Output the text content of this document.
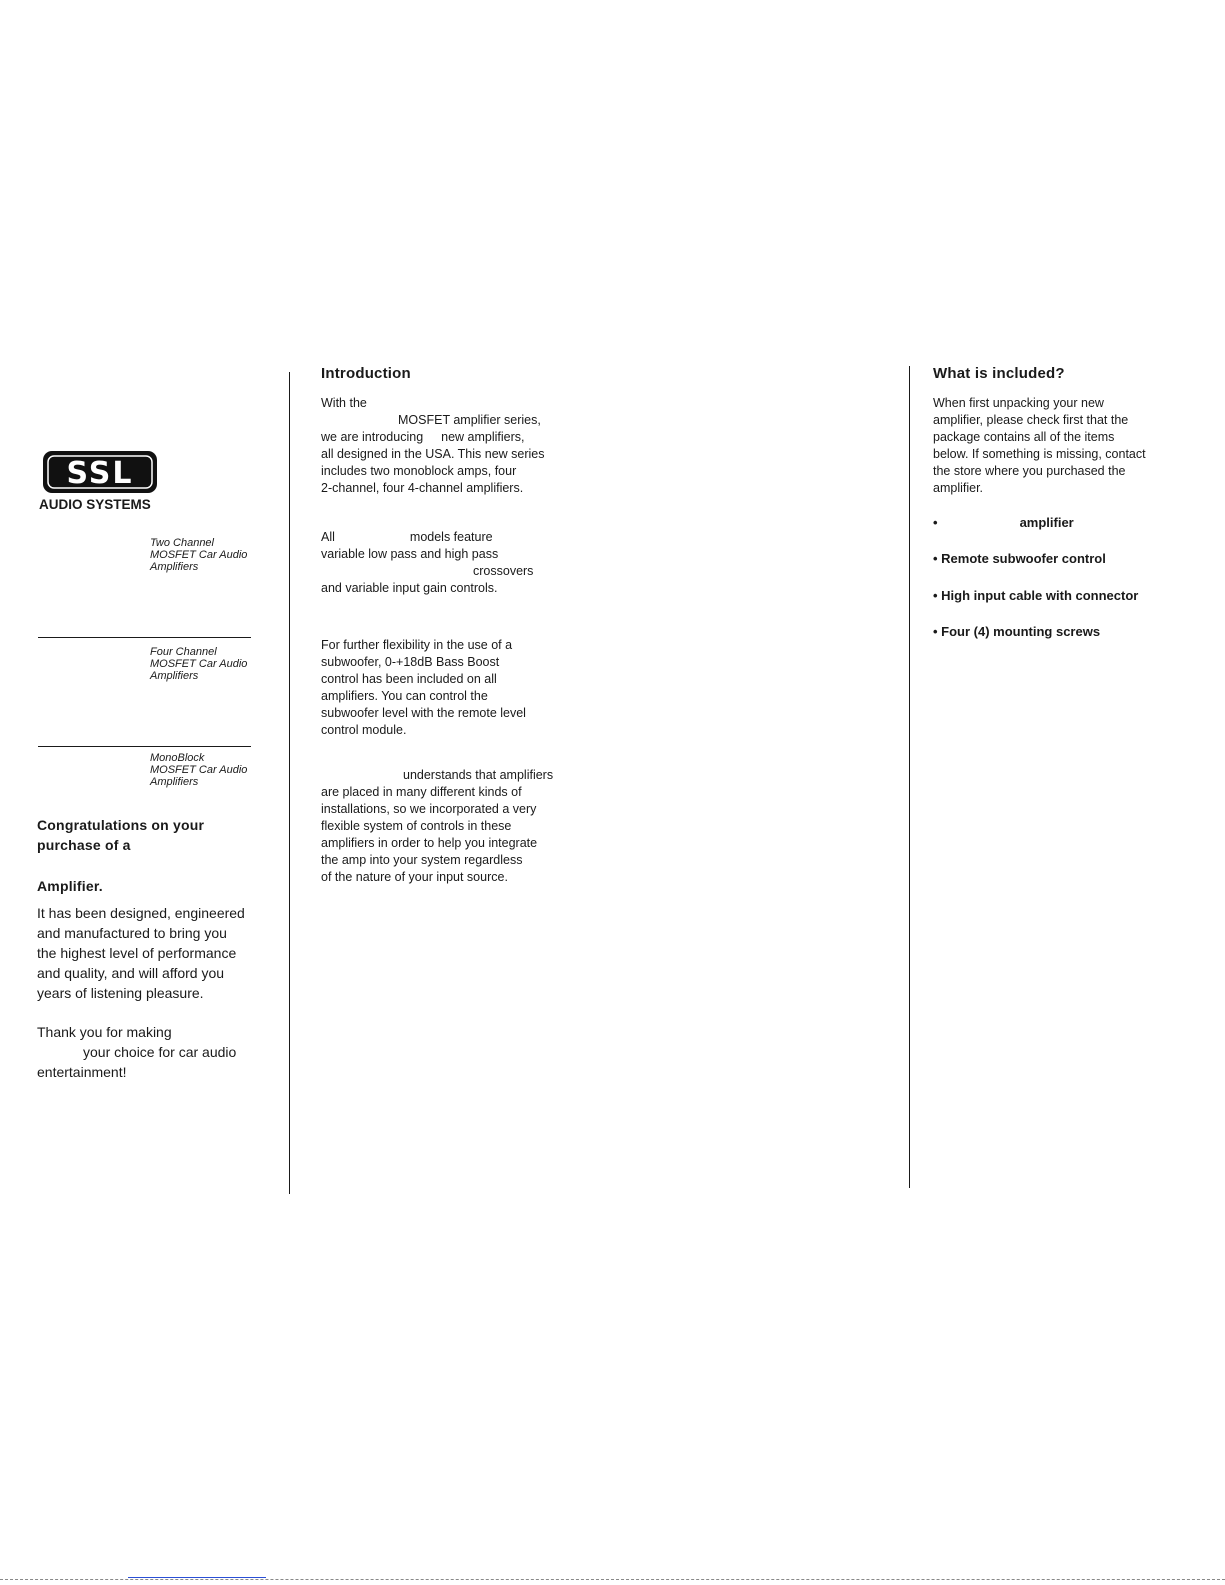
SSL
AUDIO SYSTEMS
Two Channel
MOSFET Car Audio
Amplifiers
Four Channel
MOSFET Car Audio
Amplifiers
MonoBlock
MOSFET Car Audio
Amplifiers
Congratulations on your
purchase of a
Amplifier.
It has been designed, engineered
and manufactured to bring you
the highest level of performance
and quality, and will afford you
years of listening pleasure.
Thank you for making
your choice for car audio
entertainment!
Introduction
With the
MOSFET amplifier series,
we are introducing new amplifiers,
all designed in the USA. This new series
includes two monoblock amps, four
2-channel, four 4-channel amplifiers.
All	models feature
variable low pass and high pass
crossovers
and variable input gain controls.
For further flexibility in the use of a
subwoofer, 0-+18dB Bass Boost
control has been included on all
amplifiers. You can control the
subwoofer level with the remote level
control module.
understands that amplifiers
are placed in many different kinds of
installations, so we incorporated a very
flexible system of controls in these
amplifiers in order to help you integrate
the amp into your system regardless
of the nature of your input source.
What is included?
When first unpacking your new
amplifier, please check first that the
package contains all of the items
below. If something is missing, contact
the store where you purchased the
amplifier.
•	amplifier
• Remote subwoofer control
• High input cable with connector
• Four (4) mounting screws
